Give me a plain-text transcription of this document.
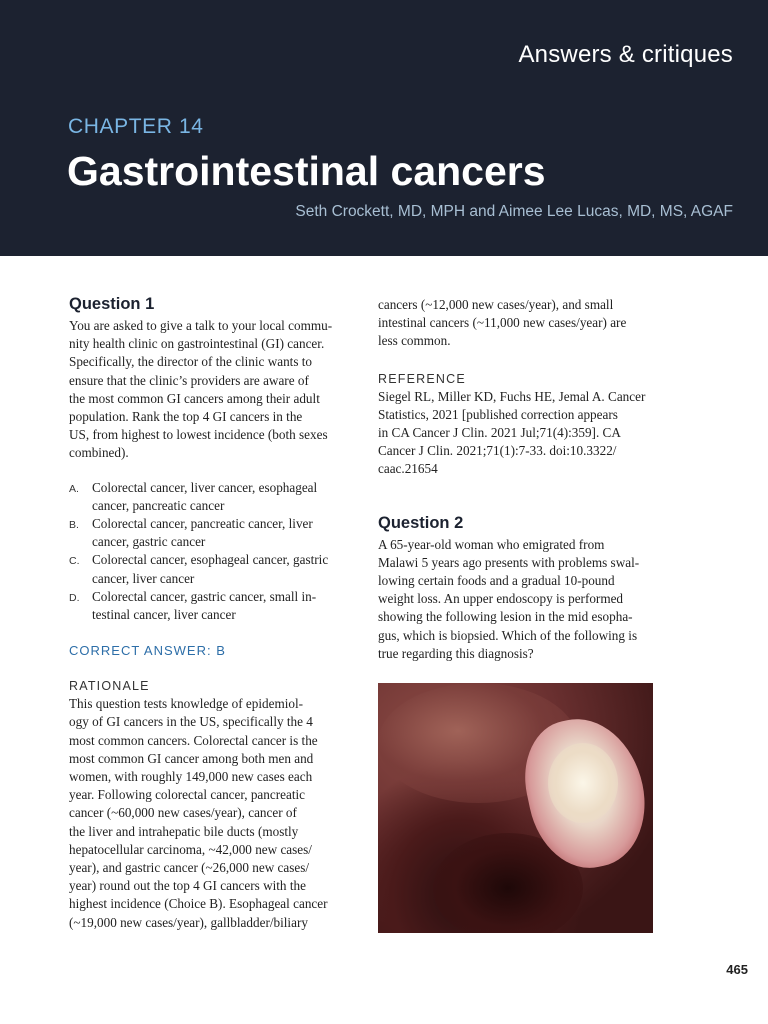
Answers & critiques
CHAPTER 14
Gastrointestinal cancers
Seth Crockett, MD, MPH and Aimee Lee Lucas, MD, MS, AGAF
Question 1

You are asked to give a talk to your local commu-
nity health clinic on gastrointestinal (GI) cancer.
Specifically, the director of the clinic wants to
ensure that the clinic’s providers are aware of
the most common GI cancers among their adult
population. Rank the top 4 GI cancers in the
US, from highest to lowest incidence (both sexes
combined).

A. Colorectal cancer, liver cancer, esophageal
cancer, pancreatic cancer
B. Colorectal cancer, pancreatic cancer, liver
cancer, gastric cancer
C. Colorectal cancer, esophageal cancer, gastric
cancer, liver cancer
D. Colorectal cancer, gastric cancer, small in-
testinal cancer, liver cancer
CORRECT ANSWER: B
RATIONALE

This question tests knowledge of epidemiol-
ogy of GI cancers in the US, specifically the 4
most common cancers. Colorectal cancer is the
most common GI cancer among both men and
women, with roughly 149,000 new cases each
year. Following colorectal cancer, pancreatic
cancer (~60,000 new cases/year), cancer of
the liver and intrahepatic bile ducts (mostly
hepatocellular carcinoma, ~42,000 new cases/
year), and gastric cancer (~26,000 new cases/
year) round out the top 4 GI cancers with the
highest incidence (Choice B). Esophageal cancer
(~19,000 new cases/year), gallbladder/biliary

cancers (~12,000 new cases/year), and small
intestinal cancers (~11,000 new cases/year) are
less common.

REFERENCE

Siegel RL, Miller KD, Fuchs HE, Jemal A. Cancer
Statistics, 2021 [published correction appears
in CA Cancer J Clin. 2021 Jul;71(4):359]. CA
Cancer J Clin. 2021;71(1):7-33. doi:10.3322/
caac.21654

Question 2

A 65-year-old woman who emigrated from
Malawi 5 years ago presents with problems swal-
lowing certain foods and a gradual 10-pound
weight loss. An upper endoscopy is performed
showing the following lesion in the mid esopha-
gus, which is biopsied. Which of the following is
true regarding this diagnosis?

465
